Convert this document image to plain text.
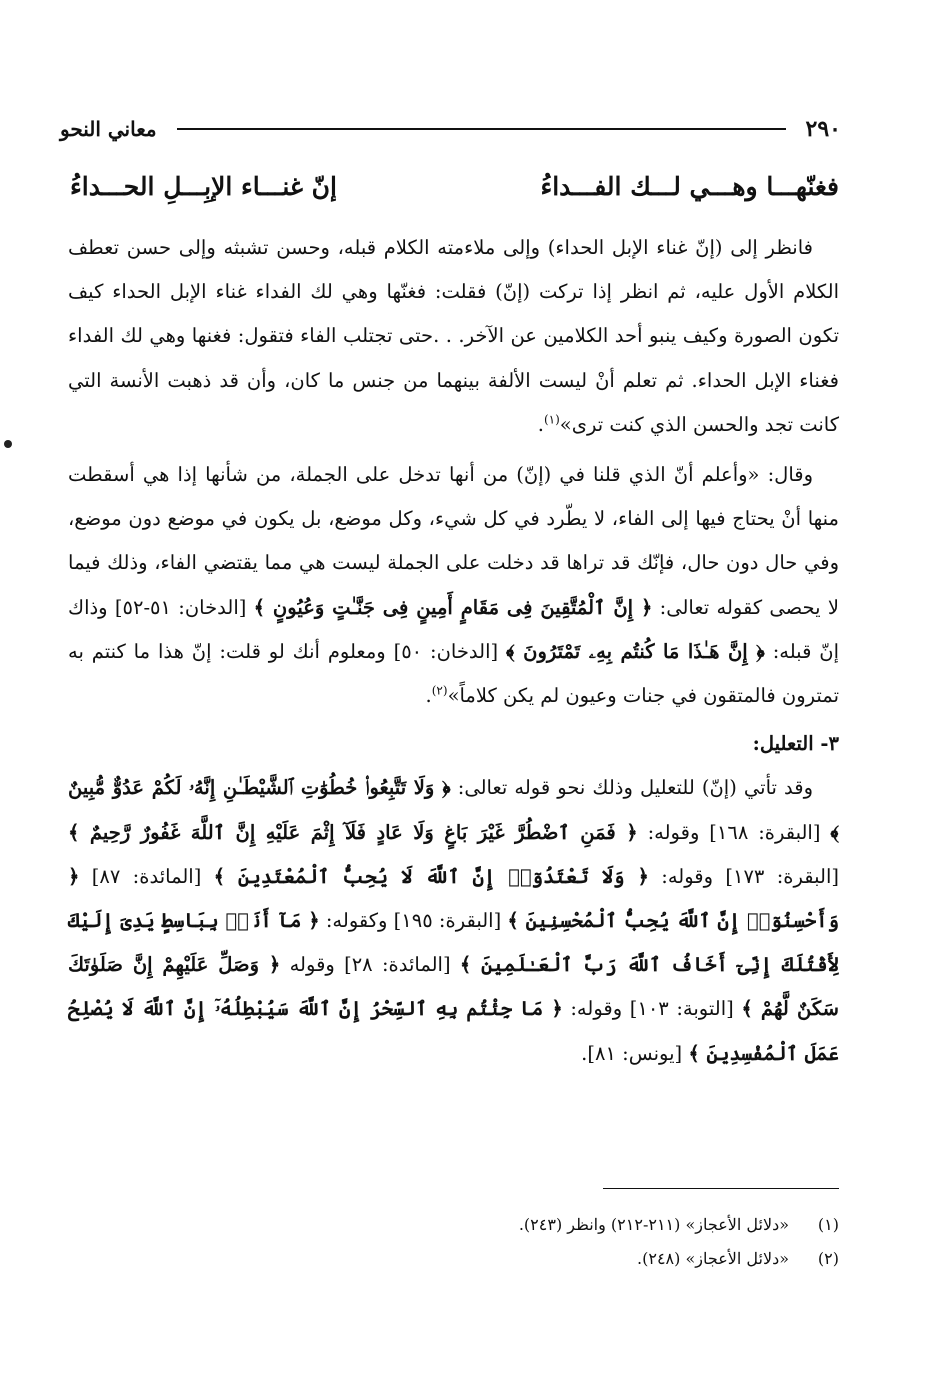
٢٩٠
معاني النحو
فغنّهـــا وهـــي لـــك الفـــداءُ
إنّ غنـــاء الإبِـــلِ الحـــداءُ

فانظر إلى (إنّ غناء الإبل الحداء) وإلى ملاءمته الكلام قبله، وحسن تشبثه وإلى حسن تعطف الكلام الأول عليه، ثم انظر إذا تركت (إنّ) فقلت: فغنّها وهي لك الفداء غناء الإبل الحداء كيف تكون الصورة وكيف ينبو أحد الكلامين عن الآخر. . .حتى تجتلب الفاء فتقول: فغنها وهي لك الفداء فغناء الإبل الحداء. ثم تعلم أنْ ليست الألفة بينهما من جنس ما كان، وأن قد ذهبت الأنسة التي كانت تجد والحسن الذي كنت ترى»$^{(١)}$.

وقال: «وأعلم أنّ الذي قلنا في (إنّ) من أنها تدخل على الجملة، من شأنها إذا هي أسقطت منها أنْ يحتاج فيها إلى الفاء، لا يطّرد في كل شيء، وكل موضع، بل يكون في موضع دون موضع، وفي حال دون حال، فإنّك قد تراها قد دخلت على الجملة ليست هي مما يقتضي الفاء، وذلك فيما لا يحصى كقوله تعالى: ﴿ إِنَّ ٱلْمُتَّقِينَ فِى مَقَامٍ أَمِينٍ فِى جَنَّـٰتٍ وَعُيُونٍ ﴾ [الدخان: ٥١-٥٢] وذاك إنّ قبله: ﴿ إِنَّ هَـٰذَا مَا كُنتُم بِهِۦ تَمْتَرُونَ ﴾ [الدخان: ٥٠] ومعلوم أنك لو قلت: إنّ هذا ما كنتم به تمترون فالمتقون في جنات وعيون لم يكن كلاماً»$^{(٢)}$.

٣- التعليل:

وقد تأتي (إنّ) للتعليل وذلك نحو قوله تعالى: ﴿ وَلَا تَتَّبِعُوا۟ خُطُوَٰتِ ٱلشَّيْطَـٰنِ إِنَّهُۥ لَكُمْ عَدُوٌّ مُّبِينٌ ﴾ [البقرة: ١٦٨] وقوله: ﴿ فَمَنِ ٱضْطُرَّ غَيْرَ بَاغٍ وَلَا عَادٍ فَلَآ إِثْمَ عَلَيْهِ إِنَّ ٱللَّهَ غَفُورٌ رَّحِيمٌ ﴾ [البقرة: ١٧٣] وقوله: ﴿ وَلَا تَعْتَدُوٓا۟ إِنَّ ٱللَّهَ لَا يُحِبُّ ٱلْمُعْتَدِينَ ﴾ [المائدة: ٨٧] ﴿ وَأَحْسِنُوٓا۟ إِنَّ ٱللَّهَ يُحِبُّ ٱلْمُحْسِنِينَ ﴾ [البقرة: ١٩٥] وكقوله: ﴿ مَآ أَنَا۠ بِبَاسِطٍ يَدِىَ إِلَيْكَ لِأَقْتُلَكَ إِنِّىٓ أَخَافُ ٱللَّهَ رَبَّ ٱلْعَـٰلَمِينَ ﴾ [المائدة: ٢٨] وقوله ﴿ وَصَلِّ عَلَيْهِمْ إِنَّ صَلَوٰتَكَ سَكَنٌ لَّهُمْ ﴾ [التوبة: ١٠٣] وقوله: ﴿ مَا جِئْتُم بِهِ ٱلسِّحْرُ إِنَّ ٱللَّهَ سَيُبْطِلُهُۥٓ إِنَّ ٱللَّهَ لَا يُصْلِحُ عَمَلَ ٱلْمُفْسِدِينَ ﴾ [يونس: ٨١].

(١)
«دلائل الأعجاز» (٢١١-٢١٢) وانظر (٢٤٣).
(٢)
«دلائل الأعجاز» (٢٤٨).
